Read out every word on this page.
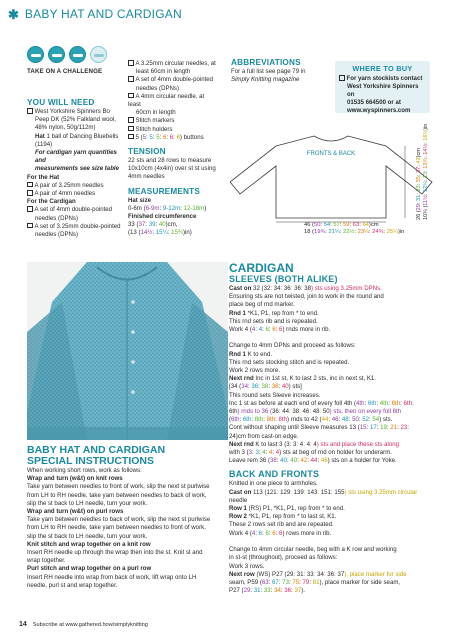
✱ BABY HAT AND CARDIGAN
TAKE ON A CHALLENGE
YOU WILL NEED
West Yorkshire Spinners Bo
Peep DK (52% Falkland wool,
48% nylon, 50g/112m)
Hat 1 ball of Dancing Bluebells
(1194)
For cardigan yarn quantities and
measurements see size table
For the Hat
A pair of 3.25mm needles
A pair of 4mm needles
For the Cardigan
A set of 4mm double-pointed
needles (DPNs)
A set of 3.25mm double-pointed
needles (DPNs)
A 3.25mm circular needles, at
least 60cm in length
A set of 4mm double-pointed
needles (DPNs)
A 4mm circular needle, at least
60cm in length
Stitch markers
Stitch holders
5 (5: 5: 5: 6: 6: 6) buttons
TENSION
22 sts and 28 rows to measure
10x10cm (4x4in) over st st using
4mm needles
MEASUREMENTS
Hat size
0-6m (6-9m: 9-12m: 12-18m)
Finished circumference
33 (37: 39: 40)cm,
(13 (14½: 15¼: 15¾)in)
ABBREVIATIONS
For a full list see page 79 in
Simply Knitting magazine
WHERE TO BUY
For yarn stockists contact
West Yorkshire Spinners on
01535 664500 or at
www.wyspinners.com
FRONTS & BACK
46 (50: 54: 57: 59: 63: 64)cm
18 (19¾: 21¼: 22½: 23¼: 24¾: 25¼)in
26 (29: 31: 33: 35: 37: 42)cm
10¼ (11½: 12¼: 13: 13¾: 14½: 16½)in
CARDIGAN
SLEEVES (BOTH ALIKE)
Cast on 32 (32: 34: 36: 36: 38) sts using 3.25mm DPNs.
Ensuring sts are not twisted, join to work in the round and
place beg of rnd marker.
Rnd 1 *K1, P1, rep from * to end.
This rnd sets rib and is repeated.
Work 4 (4: 4: 6: 6: 6) rnds more in rib.

Change to 4mm DPNs and proceed as follows:
Rnd 1 K to end.
This rnd sets stocking stitch and is repeated.
Work 2 rows more.
Next rnd Inc in 1st st, K to last 2 sts, inc in next st, K1.
[34 (34: 36: 38: 38: 40) sts]
This round sets Sleeve increases.
Inc 1 st as before at each end of every foll 4th (4th: 6th: 4th: 6th: 6th:
6th) rnds to 36 (36: 44: 38: 46: 48: 50) sts, then on every foll 6th
(6th: 6th: 8th: 8th: 8th) rnds to 42 (44: 46: 48: 50: 52: 54) sts.
Cont without shaping until Sleeve measures 13 (15: 17: 19: 21: 23:
24)cm from cast-on edge.
Next rnd K to last 3 (3: 3: 4: 4: 4) sts and place these sts along
with 3 (3: 3: 4: 4: 4) sts at beg of rnd on holder for underarm.
Leave rem 36 (38: 40: 40: 42: 44: 46) sts on a holder for Yoke.
BACK AND FRONTS
Knitted in one piece to armholes.
Cast on 113 (121: 129: 139: 143: 151: 155) sts using 3.25mm circular
needle
Row 1 (RS) P1, *K1, P1, rep from * to end.
Row 2 *K1, P1, rep from * to last st, K1.
These 2 rows set rib and are repeated.
Work 4 (4: 6: 6: 6: 6) rows more in rib.

Change to 4mm circular needle, beg with a K row and working
in st-st (throughout), proceed as follows:
Work 3 rows.
Next row (WS) P27 (29: 31: 33: 34: 36: 37), place marker for side
seam, P59 (63: 67: 73: 75: 79: 81), place marker for side seam,
P27 (29: 31: 33: 34: 36: 37).
BABY HAT AND CARDIGAN
SPECIAL INSTRUCTIONS
When working short rows, work as follows:
Wrap and turn (w&t) on knit rows
Take yarn between needles to front of work, slip the next st purlwise
from LH to RH needle, take yarn between needles to back of work,
slip the st back to LH needle, turn your work.
Wrap and turn (w&t) on purl rows
Take yarn between needles to back of work, slip the next st purlwise
from LH to RH needle, take yarn between needles to front of work,
slip the st back to LH needle, turn your work.
Knit stitch and wrap together on a knit row
Insert RH needle up through the wrap then into the st. Knit st and
wrap together.
Purl stitch and wrap together on a purl row
Insert RH needle into wrap from back of work, lift wrap onto LH
needle, purl st and wrap together.
14 Subscribe at www.gathered.how/simplyknitting
